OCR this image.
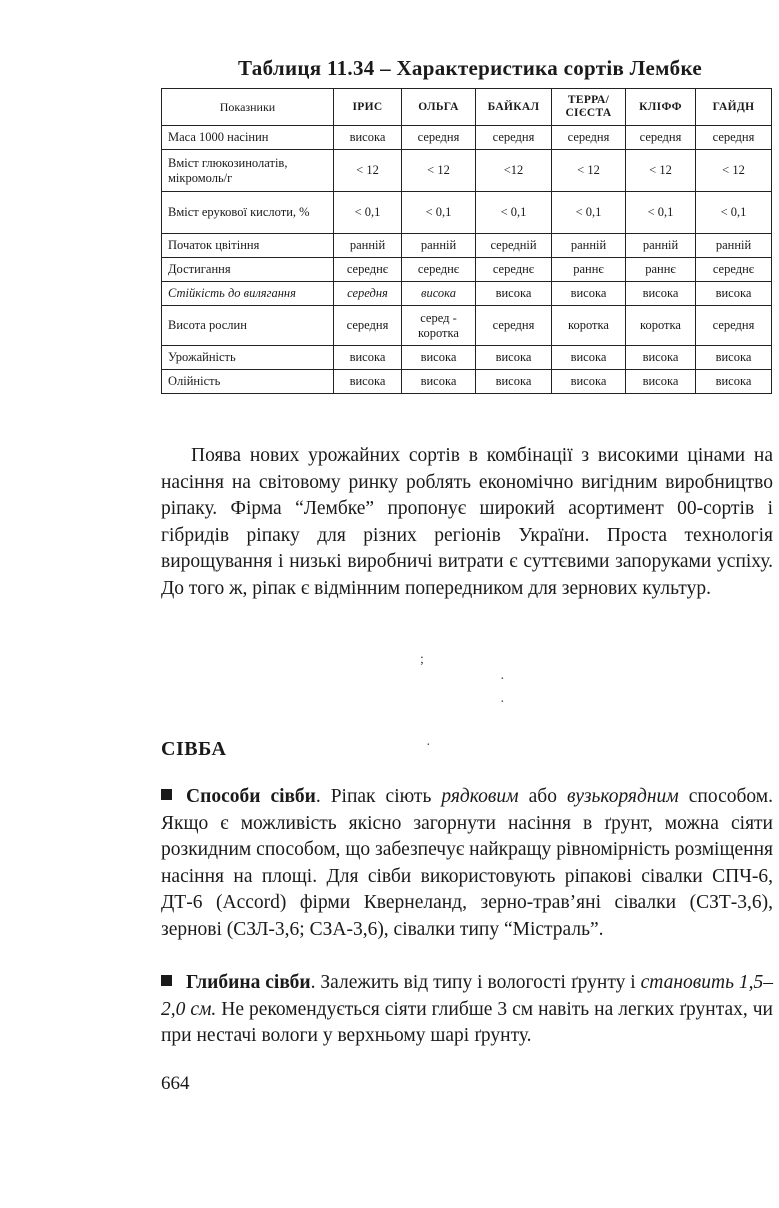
Таблиця 11.34 – Характеристика сортів Лембке
Показники	ІРИС	ОЛЬГА	БАЙКАЛ	ТЕРРА/ СІЄСТА	КЛІФФ	ГАЙДН
Маса 1000 насінин	висока	середня	середня	середня	середня	середня
Вміст глюкозинолатів, мікромоль/г	< 12	< 12	<12	< 12	< 12	< 12
Вміст ерукової кислоти, %	< 0,1	< 0,1	< 0,1	< 0,1	< 0,1	< 0,1
Початок цвітіння	ранній	ранній	середній	ранній	ранній	ранній
Достигання	середнє	середнє	середнє	раннє	раннє	середнє
Стійкість до вилягання	середня	висока	висока	висока	висока	висока
Висота рослин	середня	серед - коротка	середня	коротка	коротка	середня
Урожайність	висока	висока	висока	висока	висока	висока
Олійність	висока	висока	висока	висока	висока	висока

Поява нових урожайних сортів в комбінації з високими цінами на насіння на світовому ринку роблять економічно вигідним виробництво ріпаку. Фірма “Лембке” пропонує широкий асортимент 00-сортів і гібридів ріпаку для різних регіонів України. Проста технологія вирощування і низькі виробничі витрати є суттєвими запоруками успіху. До того ж, ріпак є відмінним попередником для зернових культур.

;
·
·
·
СІВБА

Способи сівби. Ріпак сіють рядковим або вузькорядним способом. Якщо є можливість якісно загорнути насіння в ґрунт, можна сіяти розкидним способом, що забезпечує найкращу рівномірність розміщення насіння на площі. Для сівби використовують ріпакові сівалки СПЧ-6, ДТ-6 (Accord) фірми Квернеланд, зерно-трав’яні сівалки (СЗТ-3,6), зернові (СЗЛ-3,6; СЗА-3,6), сівалки типу “Містраль”.

Глибина сівби. Залежить від типу і вологості ґрунту і становить 1,5–2,0 см. Не рекомендується сіяти глибше 3 см навіть на легких ґрунтах, чи при нестачі вологи у верхньому шарі ґрунту.

664
